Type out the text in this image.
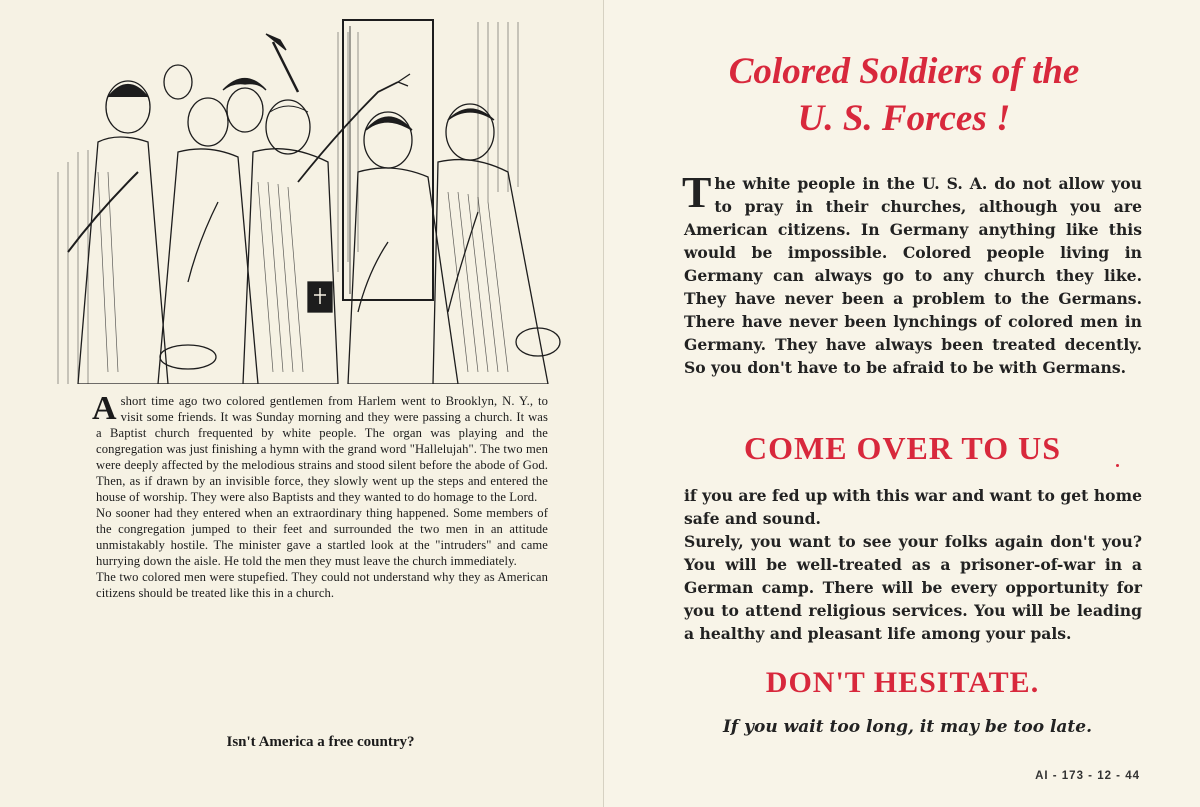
A short time ago two colored gentlemen from Harlem went to Brooklyn, N. Y., to visit some friends. It was Sunday morning and they were passing a church. It was a Baptist church frequented by white people. The organ was playing and the congregation was just finishing a hymn with the grand word "Hallelujah". The two men were deeply affected by the melodious strains and stood silent before the abode of God. Then, as if drawn by an invisible force, they slowly went up the steps and entered the house of worship. They were also Baptists and they wanted to do homage to the Lord.

No sooner had they entered when an extraordinary thing happened. Some members of the congregation jumped to their feet and surrounded the two men in an attitude unmistakably hostile. The minister gave a startled look at the "intruders" and came hurrying down the aisle. He told the men they must leave the church immediately.

The two colored men were stupefied. They could not understand why they as American citizens should be treated like this in a church.

Isn't America a free country?
Colored Soldiers of the
U. S. Forces !
The white people in the U. S. A. do not allow you to pray in their churches, although you are American citizens. In Germany anything like this would be impossible. Colored people living in Germany can always go to any church they like. They have never been a problem to the Germans. There have never been lynchings of colored men in Germany. They have always been treated decently. So you don't have to be afraid to be with Germans.
COME OVER TO US
if you are fed up with this war and want to get home safe and sound.
Surely, you want to see your folks again don't you? You will be well-treated as a prisoner-of-war in a German camp. There will be every opportunity for you to attend religious services. You will be leading a healthy and pleasant life among your pals.
DON'T HESITATE.
If you wait too long, it may be too late.
AI - 173 - 12 - 44
